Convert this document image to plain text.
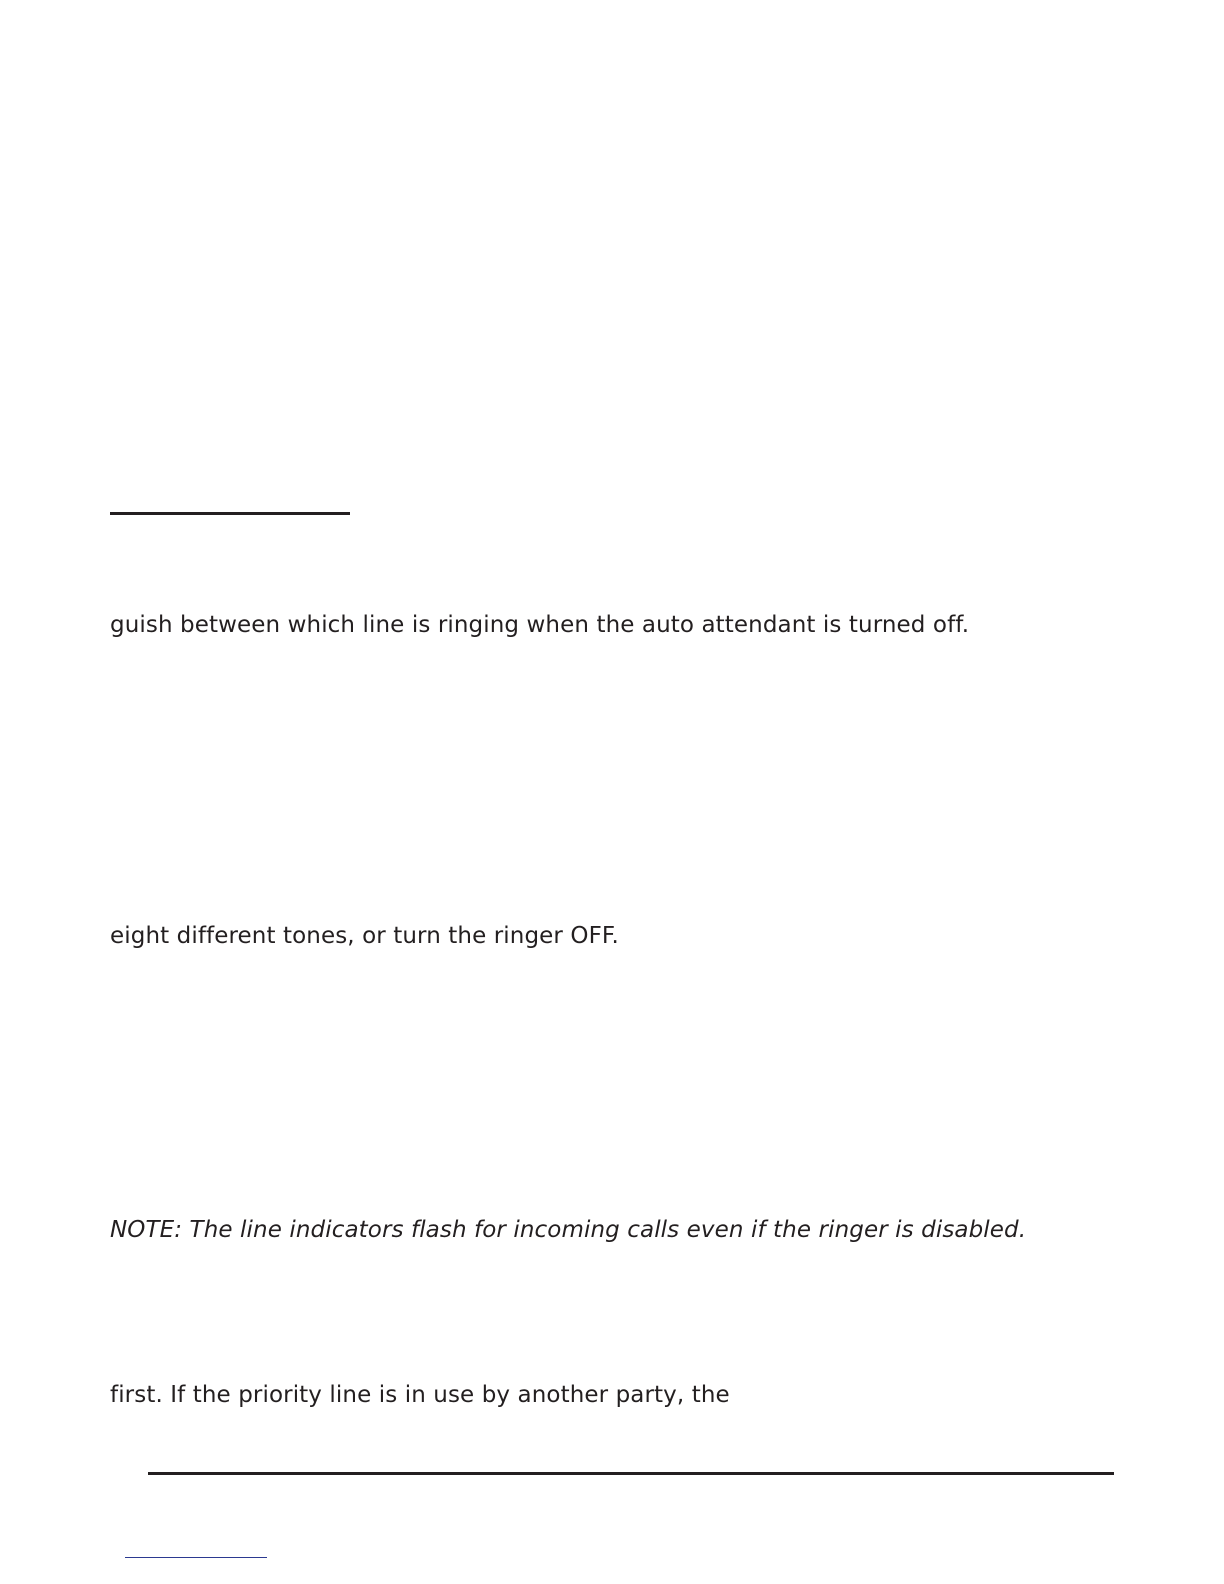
guish between which line is ringing when the auto attendant is turned off.
eight different tones, or turn the ringer OFF.
NOTE: The line indicators flash for incoming calls even if the ringer is disabled.
first. If the priority line is in use by another party, the
